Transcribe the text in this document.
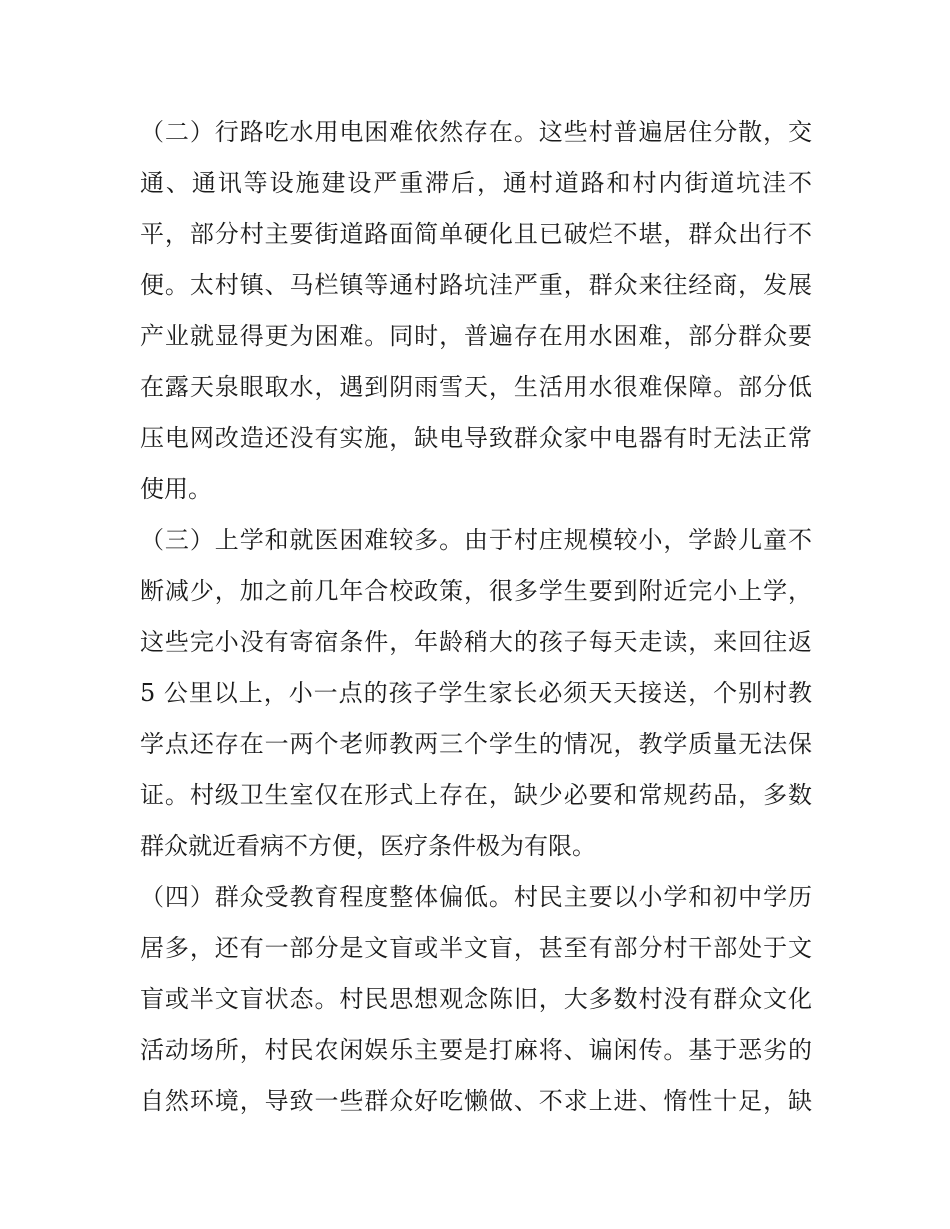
（二）行路吃水用电困难依然存在。这些村普遍居住分散，交
通、通讯等设施建设严重滞后，通村道路和村内街道坑洼不
平，部分村主要街道路面简单硬化且已破烂不堪，群众出行不
便。太村镇、马栏镇等通村路坑洼严重，群众来往经商，发展
产业就显得更为困难。同时，普遍存在用水困难，部分群众要
在露天泉眼取水，遇到阴雨雪天，生活用水很难保障。部分低
压电网改造还没有实施，缺电导致群众家中电器有时无法正常
使用。
（三）上学和就医困难较多。由于村庄规模较小，学龄儿童不
断减少，加之前几年合校政策，很多学生要到附近完小上学，
这些完小没有寄宿条件，年龄稍大的孩子每天走读，来回往返
5 公里以上，小一点的孩子学生家长必须天天接送，个别村教
学点还存在一两个老师教两三个学生的情况，教学质量无法保
证。村级卫生室仅在形式上存在，缺少必要和常规药品，多数
群众就近看病不方便，医疗条件极为有限。
（四）群众受教育程度整体偏低。村民主要以小学和初中学历
居多，还有一部分是文盲或半文盲，甚至有部分村干部处于文
盲或半文盲状态。村民思想观念陈旧，大多数村没有群众文化
活动场所，村民农闲娱乐主要是打麻将、谝闲传。基于恶劣的
自然环境，导致一些群众好吃懒做、不求上进、惰性十足，缺
